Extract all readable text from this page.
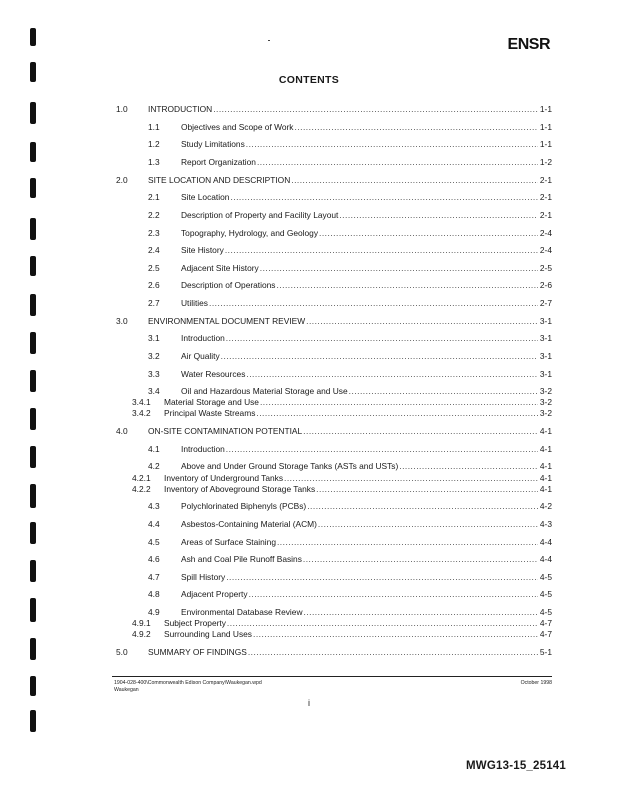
ENSR
CONTENTS
1.0 INTRODUCTION .....	1-1
1.1	Objectives and Scope of Work .....	1-1
1.2	Study Limitations .....	1-1
1.3	Report Organization .....	1-2
2.0 SITE LOCATION AND DESCRIPTION .....	2-1
2.1	Site Location .....	2-1
2.2	Description of Property and Facility Layout .....	2-1
2.3	Topography, Hydrology, and Geology .....	2-4
2.4	Site History .....	2-4
2.5	Adjacent Site History .....	2-5
2.6	Description of Operations .....	2-6
2.7	Utilities .....	2-7
3.0 ENVIRONMENTAL DOCUMENT REVIEW .....	3-1
3.1	Introduction .....	3-1
3.2	Air Quality .....	3-1
3.3	Water Resources .....	3-1
3.4	Oil and Hazardous Material Storage and Use .....	3-2
3.4.1 Material Storage and Use .....	3-2
3.4.2 Principal Waste Streams .....	3-2
4.0 ON-SITE CONTAMINATION POTENTIAL .....	4-1
4.1	Introduction .....	4-1
4.2	Above and Under Ground Storage Tanks (ASTs and USTs) .....	4-1
4.2.1 Inventory of Underground Tanks .....	4-1
4.2.2 Inventory of Aboveground Storage Tanks .....	4-1
4.3	Polychlorinated Biphenyls (PCBs) .....	4-2
4.4	Asbestos-Containing Material (ACM) .....	4-3
4.5	Areas of Surface Staining .....	4-4
4.6	Ash and Coal Pile Runoff Basins .....	4-4
4.7	Spill History .....	4-5
4.8	Adjacent Property .....	4-5
4.9	Environmental Database Review .....	4-5
4.9.1 Subject Property .....	4-7
4.9.2 Surrounding Land Uses .....	4-7
5.0 SUMMARY OF FINDINGS .....	5-1
1904-028-400\Commonwealth Edison Company\Waukegan.wpd
Waukegan
October 1998
i
MWG13-15_25141
